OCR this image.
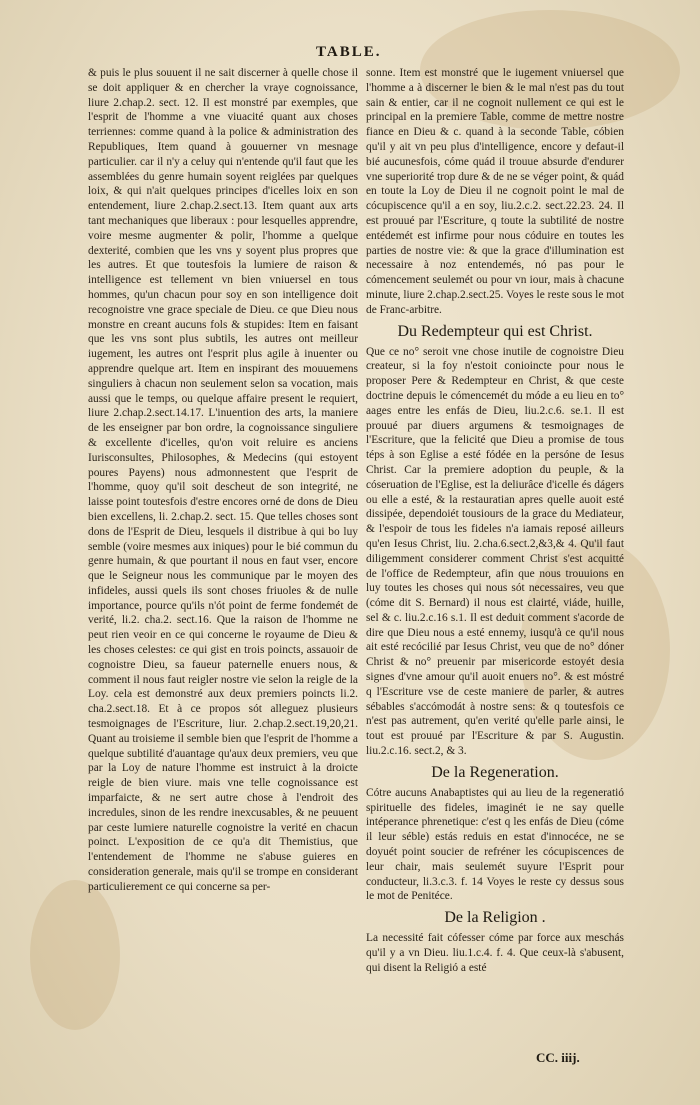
TABLE.

& puis le plus souuent il ne sait discerner à quelle chose il se doit appliquer & en chercher la vraye cognoissance, liure 2.chap.2. sect. 12. Il est monstré par exemples, que l'esprit de l'homme a vne viuacité quant aux choses terriennes: comme quand à la police & administration des Republiques, Item quand à gouuerner vn mesnage particulier. car il n'y a celuy qui n'entende qu'il faut que les assemblées du genre humain soyent reiglées par quelques loix, & qui n'ait quelques principes d'icelles loix en son entendement, liure 2.chap.2.sect.13. Item quant aux arts tant mechaniques que liberaux : pour lesquelles apprendre, voire mesme augmenter & polir, l'homme a quelque dexterité, combien que les vns y soyent plus propres que les autres. Et que toutesfois la lumiere de raison & intelligence est tellement vn bien vniuersel en tous hommes, qu'un chacun pour soy en son intelligence doit recognoistre vne grace speciale de Dieu. ce que Dieu nous monstre en creant aucuns fols & stupides: Item en faisant que les vns sont plus subtils, les autres ont meilleur iugement, les autres ont l'esprit plus agile à inuenter ou apprendre quelque art. Item en inspirant des mouuemens singuliers à chacun non seulement selon sa vocation, mais aussi que le temps, ou quelque affaire present le requiert, liure 2.chap.2.sect.14.17. L'inuention des arts, la maniere de les enseigner par bon ordre, la cognoissance singuliere & excellente d'icelles, qu'on voit reluire es anciens Iurisconsultes, Philosophes, & Medecins (qui estoyent poures Payens) nous admonnestent que l'esprit de l'homme, quoy qu'il soit descheut de son integrité, ne laisse point toutesfois d'estre encores orné de dons de Dieu bien excellens, li. 2.chap.2. sect. 15. Que telles choses sont dons de l'Esprit de Dieu, lesquels il distribue à qui bo luy semble (voire mesmes aux iniques) pour le bié commun du genre humain, & que pourtant il nous en faut vser, encore que le Seigneur nous les communique par le moyen des infideles, aussi quels ils sont choses friuoles & de nulle importance, pource qu'ils n'ót point de ferme fondemét de verité, li.2. cha.2. sect.16. Que la raison de l'homme ne peut rien veoir en ce qui concerne le royaume de Dieu & les choses celestes: ce qui gist en trois poincts, assauoir de cognoistre Dieu, sa faueur paternelle enuers nous, & comment il nous faut reigler nostre vie selon la reigle de la Loy. cela est demonstré aux deux premiers poincts li.2. cha.2.sect.18. Et à ce propos sót alleguez plusieurs tesmoignages de l'Escriture, liur. 2.chap.2.sect.19,20,21. Quant au troisieme il semble bien que l'esprit de l'homme a quelque subtilité d'auantage qu'aux deux premiers, veu que par la Loy de nature l'homme est instruict à la droicte reigle de bien viure. mais vne telle cognoissance est imparfaicte, & ne sert autre chose à l'endroit des incredules, sinon de les rendre inexcusables, & ne peuuent par ceste lumiere naturelle cognoistre la verité en chacun poinct. L'exposition de ce qu'a dit Themistius, que l'entendement de l'homme ne s'abuse guieres en consideration generale, mais qu'il se trompe en considerant particulierement ce qui concerne sa per-

sonne. Item est monstré que le iugement vniuersel que l'homme a à discerner le bien & le mal n'est pas du tout sain & entier, car il ne cognoit nullement ce qui est le principal en la premiere Table, comme de mettre nostre fiance en Dieu & c. quand à la seconde Table, cóbien qu'il y ait vn peu plus d'intelligence, encore y defaut-il bié aucunesfois, cóme quád il trouue absurde d'endurer vne superiorité trop dure & de ne se véger point, & quád en toute la Loy de Dieu il ne cognoit point le mal de cócupiscence qu'il a en soy, liu.2.c.2. sect.22.23. 24. Il est prouué par l'Escriture, q toute la subtilité de nostre entédemét est infirme pour nous códuire en toutes les parties de nostre vie: & que la grace d'illumination est necessaire à noz entendemés, nó pas pour le cómencement seulemét ou pour vn iour, mais à chacune minute, liure 2.chap.2.sect.25. Voyes le reste sous le mot de Franc-arbitre.

Du Redempteur qui est Christ.

Que ce no° seroit vne chose inutile de cognoistre Dieu createur, si la foy n'estoit conioincte pour nous le proposer Pere & Redempteur en Christ, & que ceste doctrine depuis le cómencemét du móde a eu lieu en to° aages entre les enfás de Dieu, liu.2.c.6. se.1. Il est prouué par diuers argumens & tesmoignages de l'Escriture, que la felicité que Dieu a promise de tous téps à son Eglise a esté fódée en la persóne de Iesus Christ. Car la premiere adoption du peuple, & la cóseruation de l'Eglise, est la deliurâce d'icelle és dágers ou elle a esté, & la restauratian apres quelle auoit esté dissipée, dependoiét tousiours de la grace du Mediateur, & l'espoir de tous les fideles n'a iamais reposé ailleurs qu'en Iesus Christ, liu. 2.cha.6.sect.2,&3,& 4. Qu'il faut diligemment considerer comment Christ s'est acquitté de l'office de Redempteur, afin que nous trouuions en luy toutes les choses qui nous sót necessaires, veu que (cóme dit S. Bernard) il nous est clairté, viáde, huille, sel & c. liu.2.c.16 s.1. Il est deduit comment s'acorde de dire que Dieu nous a esté ennemy, iusqu'à ce qu'il nous ait esté recócilié par Iesus Christ, veu que de no° dóner Christ & no° preuenir par misericorde estoyét desia signes d'vne amour qu'il auoit enuers no°. & est móstré q l'Escriture vse de ceste maniere de parler, & autres sébables s'accómodát à nostre sens: & q toutesfois ce n'est pas autrement, qu'en verité qu'elle parle ainsi, le tout est prouué par l'Escriture & par S. Augustin. liu.2.c.16. sect.2, & 3.

De la Regeneration.

Cótre aucuns Anabaptistes qui au lieu de la regeneratió spirituelle des fideles, imaginét ie ne say quelle intéperance phrenetique: c'est q les enfás de Dieu (cóme il leur séble) estás reduis en estat d'innocéce, ne se doyuét point soucier de refréner les cócupiscences de leur chair, mais seulemét suyure l'Esprit pour conducteur, li.3.c.3. f. 14 Voyes le reste cy dessus sous le mot de Penitéce.

De la Religion .

La necessité fait cófesser cóme par force aux meschás qu'il y a vn Dieu. liu.1.c.4. f. 4. Que ceux-là s'abusent, qui disent la Religió a esté

CC. iiij.
